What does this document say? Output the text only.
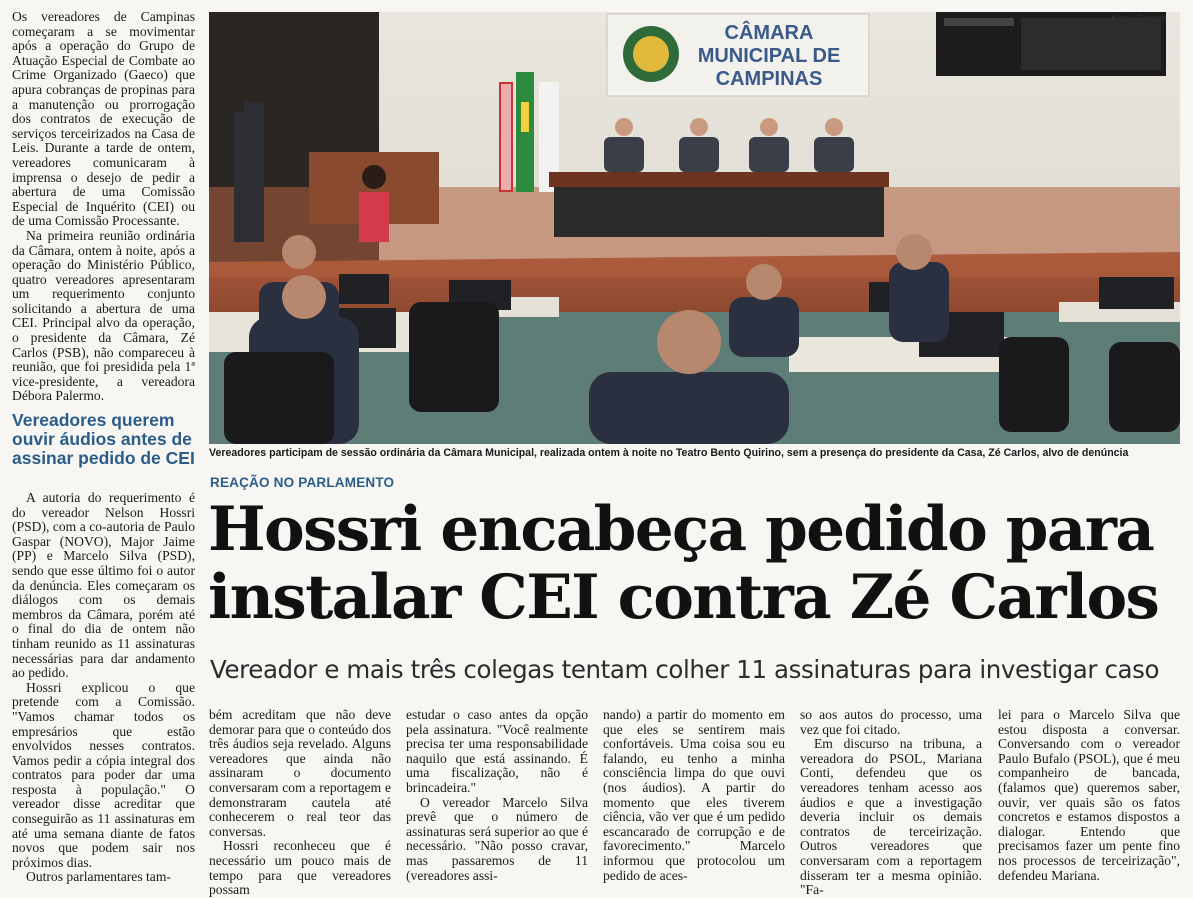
Os vereadores de Campinas começaram a se movimentar após a operação do Grupo de Atuação Especial de Combate ao Crime Organizado (Gaeco) que apura cobranças de propinas para a manutenção ou prorrogação dos contratos de execução de serviços terceirizados na Casa de Leis. Durante a tarde de ontem, vereadores comunicaram à imprensa o desejo de pedir a abertura de uma Comissão Especial de Inquérito (CEI) ou de uma Comissão Processante.

Na primeira reunião ordinária da Câmara, ontem à noite, após a operação do Ministério Público, quatro vereadores apresentaram um requerimento conjunto solicitando a abertura de uma CEI. Principal alvo da operação, o presidente da Câmara, Zé Carlos (PSB), não compareceu à reunião, que foi presidida pela 1ª vice-presidente, a vereadora Débora Palermo.

Vereadores querem ouvir áudios antes de assinar pedido de CEI

A autoria do requerimento é do vereador Nelson Hossri (PSD), com a co-autoria de Paulo Gaspar (NOVO), Major Jaime (PP) e Marcelo Silva (PSD), sendo que esse último foi o autor da denúncia. Eles começaram os diálogos com os demais membros da Câmara, porém até o final do dia de ontem não tinham reunido as 11 assinaturas necessárias para dar andamento ao pedido.

Hossri explicou o que pretende com a Comissão. "Vamos chamar todos os empresários que estão envolvidos nesses contratos. Vamos pedir a cópia integral dos contratos para poder dar uma resposta à população." O vereador disse acreditar que conseguirão as 11 assinaturas em até uma semana diante de fatos novos que podem sair nos próximos dias.

Outros parlamentares tam-

CÂMARA
MUNICIPAL DE
CAMPINAS
Kamá Ribeiro
Vereadores participam de sessão ordinária da Câmara Municipal, realizada ontem à noite no Teatro Bento Quirino, sem a presença do presidente da Casa, Zé Carlos, alvo de denúncia
REAÇÃO NO PARLAMENTO
Hossri encabeça pedido para instalar CEI contra Zé Carlos
Vereador e mais três colegas tentam colher 11 assinaturas para investigar caso

bém acreditam que não deve demorar para que o conteúdo dos três áudios seja revelado. Alguns vereadores que ainda não assinaram o documento conversaram com a reportagem e demonstraram cautela até conhecerem o real teor das conversas.

Hossri reconheceu que é necessário um pouco mais de tempo para que vereadores possam

estudar o caso antes da opção pela assinatura. "Você realmente precisa ter uma responsabilidade naquilo que está assinando. É uma fiscalização, não é brincadeira."

O vereador Marcelo Silva prevê que o número de assinaturas será superior ao que é necessário. "Não posso cravar, mas passaremos de 11 (vereadores assi-

nando) a partir do momento em que eles se sentirem mais confortáveis. Uma coisa sou eu falando, eu tenho a minha consciência limpa do que ouvi (nos áudios). A partir do momento que eles tiverem ciência, vão ver que é um pedido escancarado de corrupção e de favorecimento." Marcelo informou que protocolou um pedido de aces-

so aos autos do processo, uma vez que foi citado.

Em discurso na tribuna, a vereadora do PSOL, Mariana Conti, defendeu que os vereadores tenham acesso aos áudios e que a investigação deveria incluir os demais contratos de terceirização. Outros vereadores que conversaram com a reportagem disseram ter a mesma opinião. "Fa-

lei para o Marcelo Silva que estou disposta a conversar. Conversando com o vereador Paulo Bufalo (PSOL), que é meu companheiro de bancada, (falamos que) queremos saber, ouvir, ver quais são os fatos concretos e estamos dispostos a dialogar. Entendo que precisamos fazer um pente fino nos processos de terceirização", defendeu Mariana.
